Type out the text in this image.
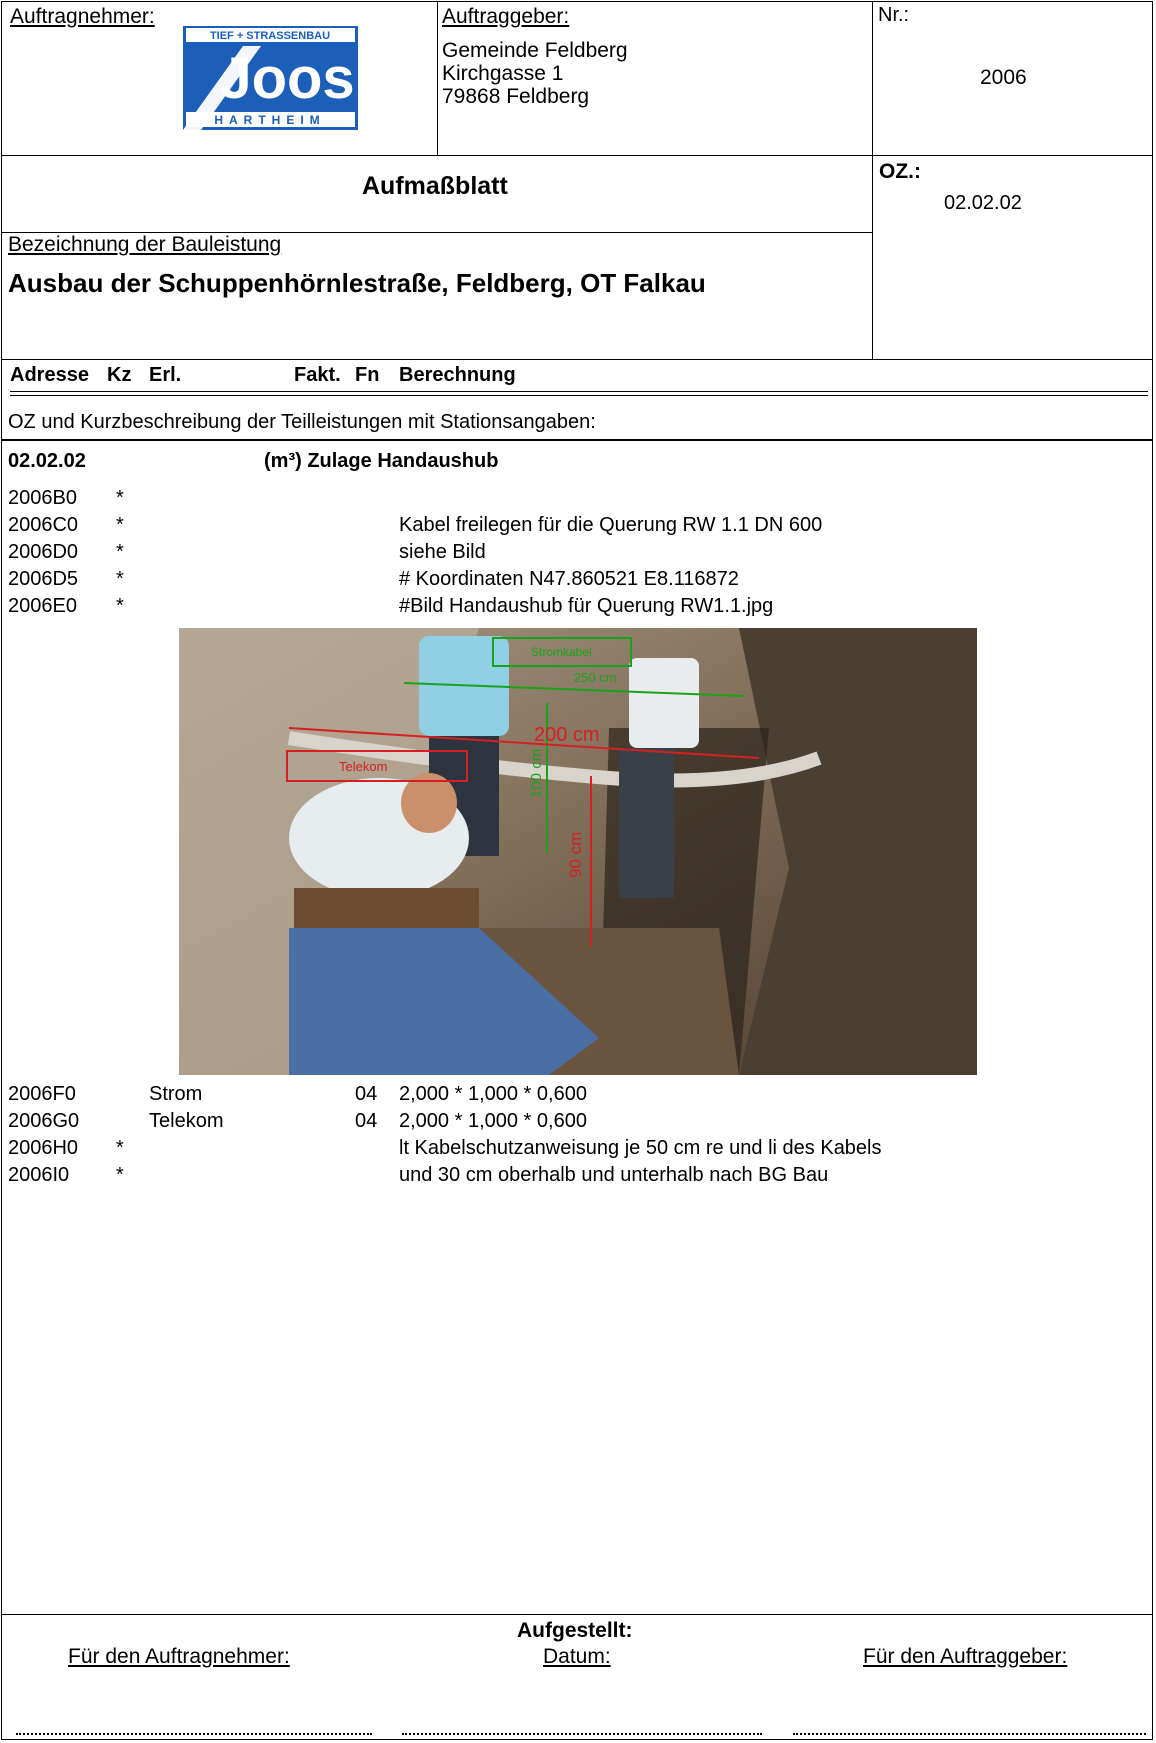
Auftragnehmer:
TIEF + STRASSENBAU
Joos
HARTHEIM
Auftraggeber:
Gemeinde Feldberg
Kirchgasse 1
79868 Feldberg
Nr.:
2006
Aufmaßblatt
OZ.:
02.02.02
Bezeichnung der Bauleistung
Ausbau der Schuppenhörnlestraße, Feldberg, OT Falkau
Adresse Kz Erl.	Fakt. Fn Berechnung
OZ und Kurzbeschreibung der Teilleistungen mit Stationsangaben:
02.02.02	(m³) Zulage Handaushub
2006B0 *
2006C0 *	Kabel freilegen für die Querung RW 1.1 DN 600
2006D0 *	siehe Bild
2006D5 *	# Koordinaten N47.860521 E8.116872
2006E0 *	#Bild Handaushub für Querung RW1.1.jpg
Stromkabel
250 cm
Telekom
200 cm
100 cm
90 cm
2006F0	Strom	04 2,000 * 1,000 * 0,600
2006G0	Telekom	04 2,000 * 1,000 * 0,600
2006H0 *	lt Kabelschutzanweisung je 50 cm re und li des Kabels
2006I0 *	und 30 cm oberhalb und unterhalb nach BG Bau
Aufgestellt:
Für den Auftragnehmer:	Datum:	Für den Auftraggeber:
